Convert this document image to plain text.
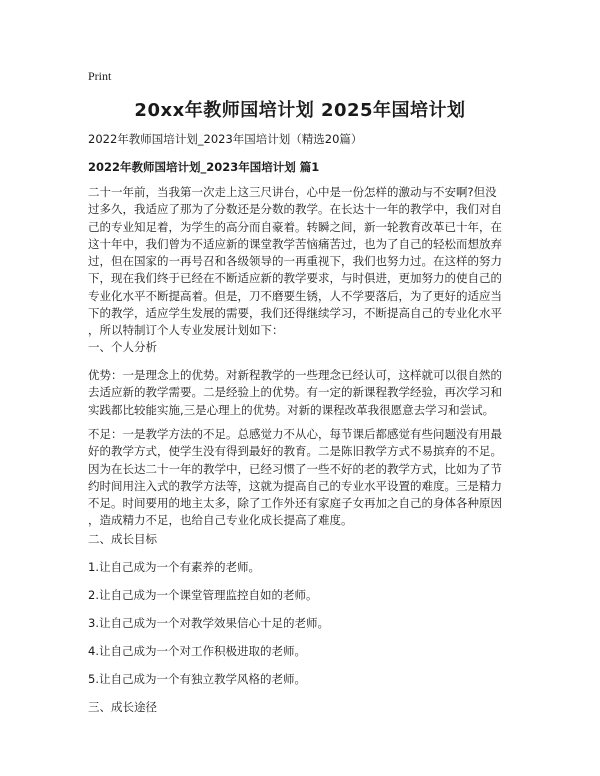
Print
20xx年教师国培计划 2025年国培计划
2022年教师国培计划_2023年国培计划（精选20篇）
2022年教师国培计划_2023年国培计划 篇1
二十一年前，当我第一次走上这三尺讲台，心中是一份怎样的激动与不安啊?但没
过多久，我适应了那为了分数还是分数的教学。在长达十一年的教学中，我们对自
己的专业知足着，为学生的高分而自豪着。转瞬之间，新一轮教育改革已十年，在
这十年中，我们曾为不适应新的课堂教学苦恼痛苦过，也为了自己的轻松而想放弃
过，但在国家的一再号召和各级领导的一再重视下，我们也努力过。在这样的努力
下，现在我们终于已经在不断适应新的教学要求，与时俱进，更加努力的使自己的
专业化水平不断提高着。但是，刀不磨要生锈，人不学要落后，为了更好的适应当
下的教学，适应学生发展的需要，我们还得继续学习，不断提高自己的专业化水平
，所以特制订个人专业发展计划如下：
一、个人分析
优势：一是理念上的优势。对新程教学的一些理念已经认可，这样就可以很自然的
去适应新的教学需要。二是经验上的优势。有一定的新课程教学经验，再次学习和
实践都比较能实施,三是心理上的优势。对新的课程改革我很愿意去学习和尝试。
不足：一是教学方法的不足。总感觉力不从心，每节课后都感觉有些问题没有用最
好的教学方式，使学生没有得到最好的教育。二是陈旧教学方式不易摈弃的不足。
因为在长达二十一年的教学中，已经习惯了一些不好的老的教学方式，比如为了节
约时间用注入式的教学方法等，这就为提高自己的专业水平设置的难度。三是精力
不足。时间要用的地主太多，除了工作外还有家庭子女再加之自己的身体各种原因
，造成精力不足，也给自己专业化成长提高了难度。
二、成长目标
1.让自己成为一个有素养的老师。
2.让自己成为一个课堂管理监控自如的老师。
3.让自己成为一个对教学效果信心十足的老师。
4.让自己成为一个对工作积极进取的老师。
5.让自己成为一个有独立教学风格的老师。
三、成长途径
